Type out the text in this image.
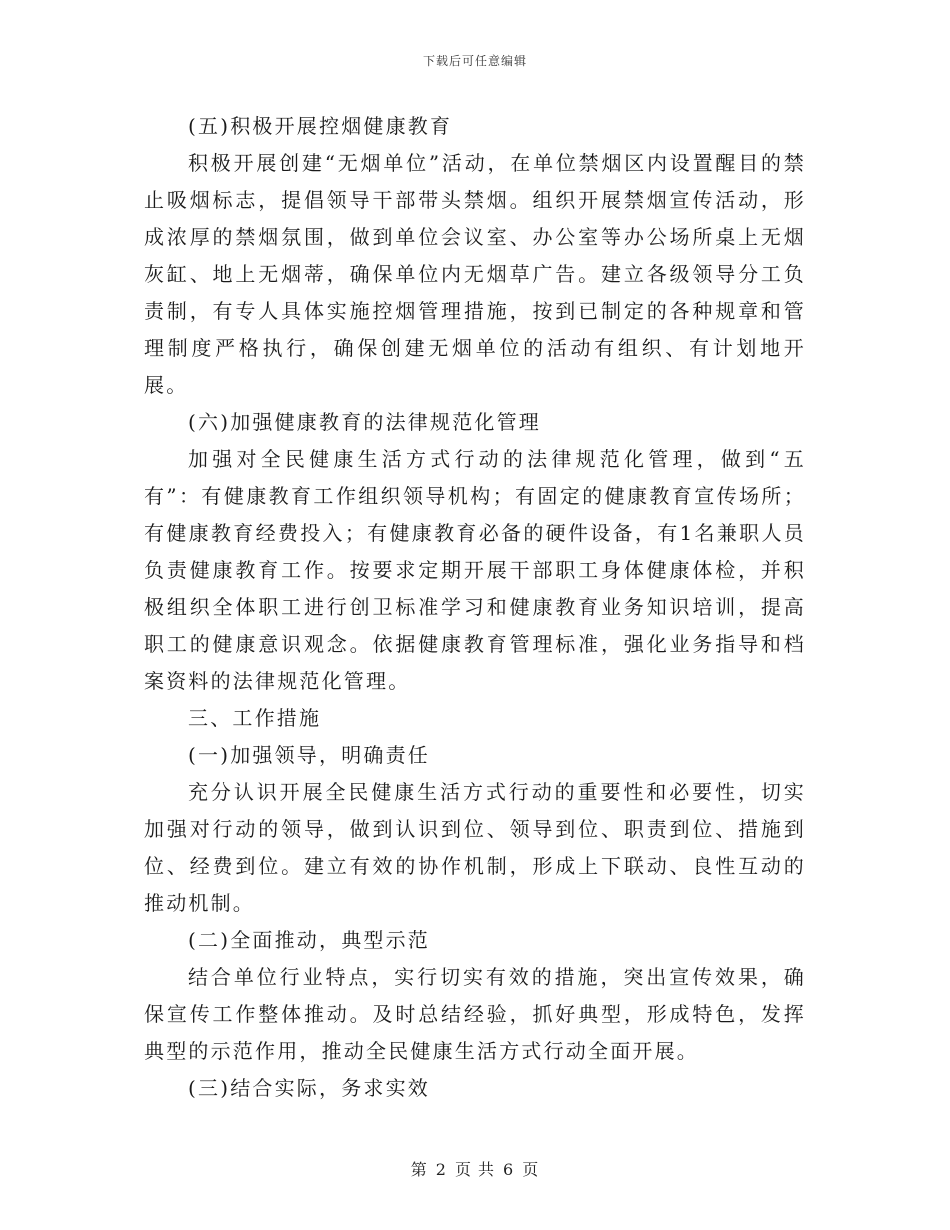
下载后可任意编辑

(五)积极开展控烟健康教育

积极开展创建“无烟单位”活动，在单位禁烟区内设置醒目的禁止吸烟标志，提倡领导干部带头禁烟。组织开展禁烟宣传活动，形成浓厚的禁烟氛围，做到单位会议室、办公室等办公场所桌上无烟灰缸、地上无烟蒂，确保单位内无烟草广告。建立各级领导分工负责制，有专人具体实施控烟管理措施，按到已制定的各种规章和管理制度严格执行，确保创建无烟单位的活动有组织、有计划地开展。

(六)加强健康教育的法律规范化管理

加强对全民健康生活方式行动的法律规范化管理，做到“五有”：有健康教育工作组织领导机构；有固定的健康教育宣传场所；有健康教育经费投入；有健康教育必备的硬件设备，有1名兼职人员负责健康教育工作。按要求定期开展干部职工身体健康体检，并积极组织全体职工进行创卫标准学习和健康教育业务知识培训，提高职工的健康意识观念。依据健康教育管理标准，强化业务指导和档案资料的法律规范化管理。

三、工作措施

(一)加强领导，明确责任

充分认识开展全民健康生活方式行动的重要性和必要性，切实加强对行动的领导，做到认识到位、领导到位、职责到位、措施到位、经费到位。建立有效的协作机制，形成上下联动、良性互动的推动机制。

(二)全面推动，典型示范

结合单位行业特点，实行切实有效的措施，突出宣传效果，确保宣传工作整体推动。及时总结经验，抓好典型，形成特色，发挥典型的示范作用，推动全民健康生活方式行动全面开展。

(三)结合实际，务求实效

第 2 页 共 6 页
